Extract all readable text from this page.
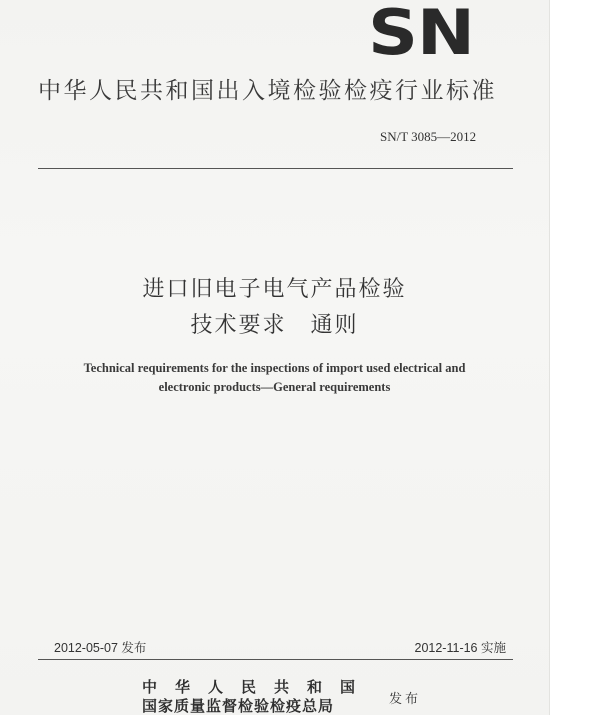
SN
中华人民共和国出入境检验检疫行业标准
SN/T 3085—2012
进口旧电子电气产品检验
技术要求　通则
Technical requirements for the inspections of import used electrical and
electronic products—General requirements
2012-05-07 发布	2012-11-16 实施
中华人民共和国
国家质量监督检验检疫总局	发布
